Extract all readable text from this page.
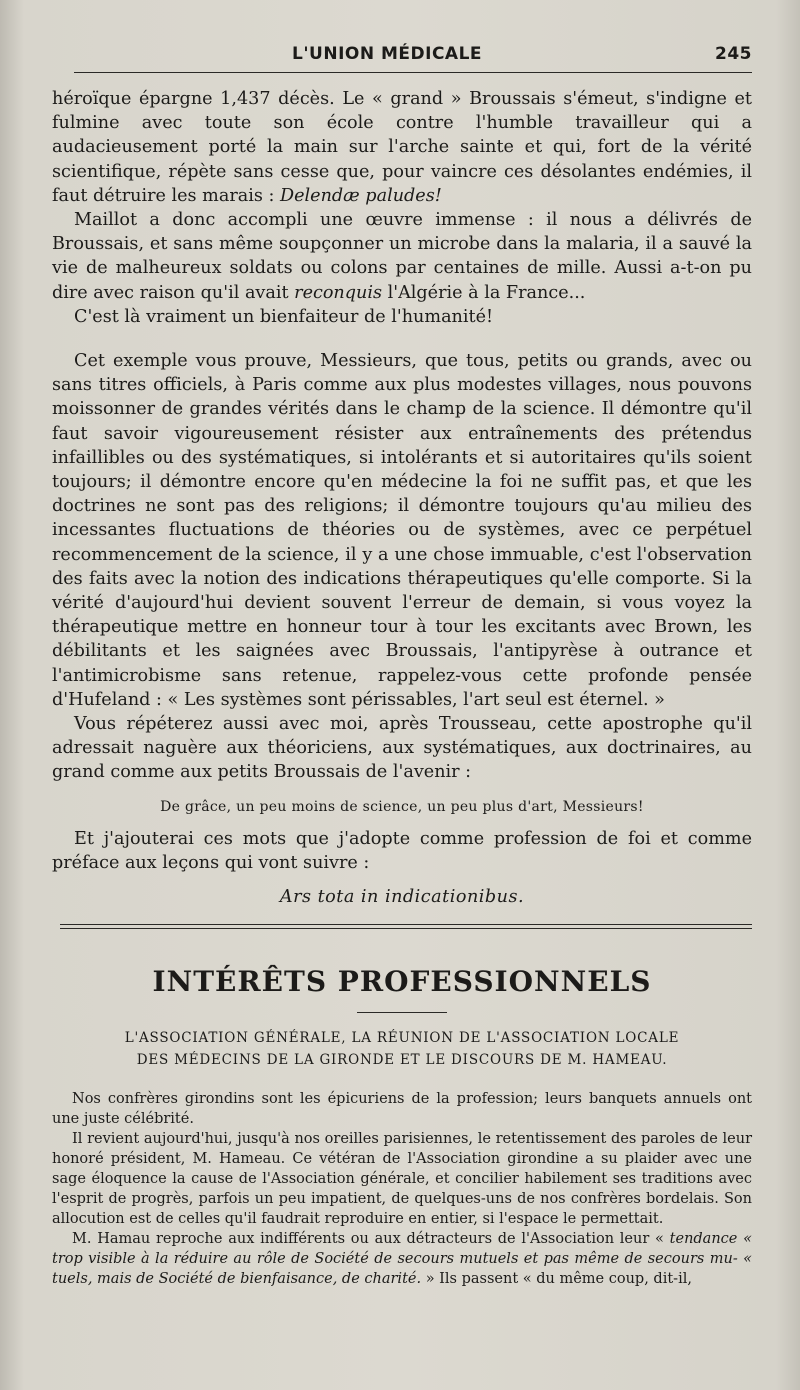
L'UNION MÉDICALE	245

héroïque épargne 1,437 décès. Le « grand » Broussais s'émeut, s'indigne et fulmine avec toute son école contre l'humble travailleur qui a audacieusement porté la main sur l'arche sainte et qui, fort de la vérité scientifique, répète sans cesse que, pour vaincre ces désolantes endémies, il faut détruire les marais : Delendæ paludes!

Maillot a donc accompli une œuvre immense : il nous a délivrés de Broussais, et sans même soupçonner un microbe dans la malaria, il a sauvé la vie de malheureux soldats ou colons par centaines de mille. Aussi a-t-on pu dire avec raison qu'il avait reconquis l'Algérie à la France...

C'est là vraiment un bienfaiteur de l'humanité!

Cet exemple vous prouve, Messieurs, que tous, petits ou grands, avec ou sans titres officiels, à Paris comme aux plus modestes villages, nous pouvons moissonner de grandes vérités dans le champ de la science. Il démontre qu'il faut savoir vigoureusement résister aux entraînements des prétendus infaillibles ou des systématiques, si intolérants et si autoritaires qu'ils soient toujours; il démontre encore qu'en médecine la foi ne suffit pas, et que les doctrines ne sont pas des religions; il démontre toujours qu'au milieu des incessantes fluctuations de théories ou de systèmes, avec ce perpétuel recommencement de la science, il y a une chose immuable, c'est l'observation des faits avec la notion des indications thérapeutiques qu'elle comporte. Si la vérité d'aujourd'hui devient souvent l'erreur de demain, si vous voyez la thérapeutique mettre en honneur tour à tour les excitants avec Brown, les débilitants et les saignées avec Broussais, l'antipyrèse à outrance et l'antimicrobisme sans retenue, rappelez-vous cette profonde pensée d'Hufeland : « Les systèmes sont périssables, l'art seul est éternel. »

Vous répéterez aussi avec moi, après Trousseau, cette apostrophe qu'il adressait naguère aux théoriciens, aux systématiques, aux doctrinaires, au grand comme aux petits Broussais de l'avenir :

De grâce, un peu moins de science, un peu plus d'art, Messieurs!

Et j'ajouterai ces mots que j'adopte comme profession de foi et comme préface aux leçons qui vont suivre :

Ars tota in indicationibus.
INTÉRÊTS PROFESSIONNELS
L'ASSOCIATION GÉNÉRALE, LA RÉUNION DE L'ASSOCIATION LOCALE
DES MÉDECINS DE LA GIRONDE ET LE DISCOURS DE M. HAMEAU.

Nos confrères girondins sont les épicuriens de la profession; leurs banquets annuels ont une juste célébrité.

Il revient aujourd'hui, jusqu'à nos oreilles parisiennes, le retentissement des paroles de leur honoré président, M. Hameau. Ce vétéran de l'Association girondine a su plaider avec une sage éloquence la cause de l'Association générale, et concilier habilement ses traditions avec l'esprit de progrès, parfois un peu impatient, de quelques-uns de nos confrères bordelais. Son allocution est de celles qu'il faudrait reproduire en entier, si l'espace le permettait.

M. Hamau reproche aux indifférents ou aux détracteurs de l'Association leur « tendance « trop visible à la réduire au rôle de Société de secours mutuels et pas même de secours mu- « tuels, mais de Société de bienfaisance, de charité. » Ils passent « du même coup, dit-il,
